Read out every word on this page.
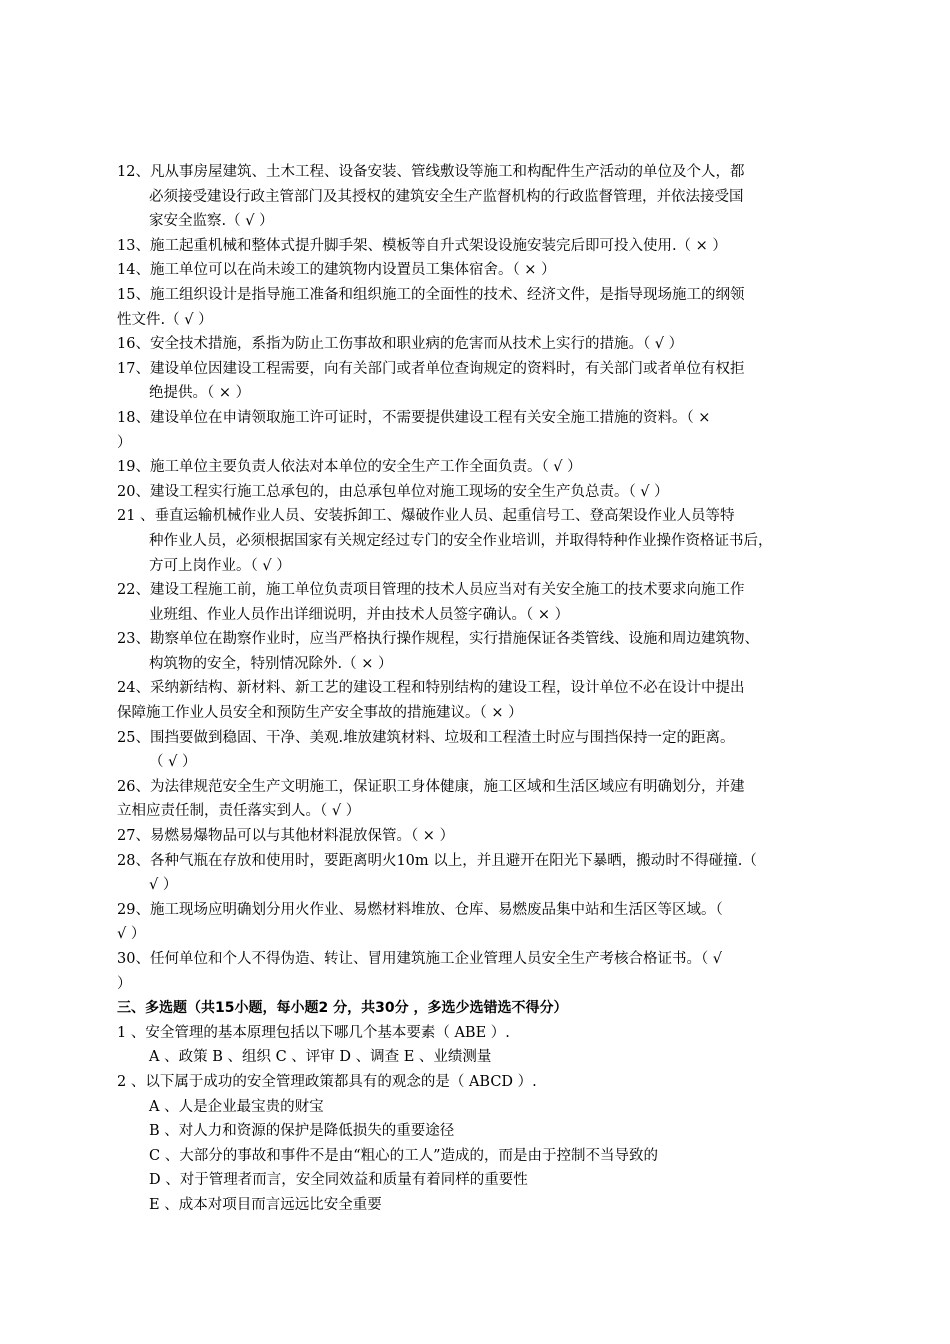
12、凡从事房屋建筑、土木工程、设备安装、管线敷设等施工和构配件生产活动的单位及个人，都
必须接受建设行政主管部门及其授权的建筑安全生产监督机构的行政监督管理，并依法接受国
家安全监察.（ √ ）
13、施工起重机械和整体式提升脚手架、模板等自升式架设设施安装完后即可投入使用.（ × ）
14、施工单位可以在尚未竣工的建筑物内设置员工集体宿舍。（ × ）
15、施工组织设计是指导施工准备和组织施工的全面性的技术、经济文件，是指导现场施工的纲领
性文件.（ √ ）
16、安全技术措施，系指为防止工伤事故和职业病的危害而从技术上实行的措施。（ √ ）
17、建设单位因建设工程需要，向有关部门或者单位查询规定的资料时，有关部门或者单位有权拒
绝提供。（ × ）
18、建设单位在申请领取施工许可证时，不需要提供建设工程有关安全施工措施的资料。（ ×
）
19、施工单位主要负责人依法对本单位的安全生产工作全面负责。（ √ ）
20、建设工程实行施工总承包的，由总承包单位对施工现场的安全生产负总责。（ √ ）
21 、垂直运输机械作业人员、安装拆卸工、爆破作业人员、起重信号工、登高架设作业人员等特
种作业人员，必须根据国家有关规定经过专门的安全作业培训，并取得特种作业操作资格证书后，
方可上岗作业。（ √ ）
22、建设工程施工前，施工单位负责项目管理的技术人员应当对有关安全施工的技术要求向施工作
业班组、作业人员作出详细说明，并由技术人员签字确认。（ × ）
23、勘察单位在勘察作业时，应当严格执行操作规程，实行措施保证各类管线、设施和周边建筑物、
构筑物的安全，特别情况除外.（ × ）
24、采纳新结构、新材料、新工艺的建设工程和特别结构的建设工程，设计单位不必在设计中提出
保障施工作业人员安全和预防生产安全事故的措施建议。（ × ）
25、围挡要做到稳固、干净、美观.堆放建筑材料、垃圾和工程渣土时应与围挡保持一定的距离。
（ √ ）
26、为法律规范安全生产文明施工，保证职工身体健康，施工区域和生活区域应有明确划分，并建
立相应责任制，责任落实到人。（ √ ）
27、易燃易爆物品可以与其他材料混放保管。（ × ）
28、各种气瓶在存放和使用时，要距离明火10m 以上，并且避开在阳光下暴晒，搬动时不得碰撞.（
√ ）
29、施工现场应明确划分用火作业、易燃材料堆放、仓库、易燃废品集中站和生活区等区域。（
√ ）
30、任何单位和个人不得伪造、转让、冒用建筑施工企业管理人员安全生产考核合格证书。（ √
）
三、多选题（共15小题，每小题2 分，共30分 ，多选少选错选不得分）
1 、安全管理的基本原理包括以下哪几个基本要素（ ABE ）.
A 、政策 B 、组织 C 、评审 D 、调查 E 、业绩测量
2 、以下属于成功的安全管理政策都具有的观念的是（ ABCD ）.
A 、人是企业最宝贵的财宝
B 、对人力和资源的保护是降低损失的重要途径
C 、大部分的事故和事件不是由“粗心的工人”造成的，而是由于控制不当导致的
D 、对于管理者而言，安全同效益和质量有着同样的重要性
E 、成本对项目而言远远比安全重要
